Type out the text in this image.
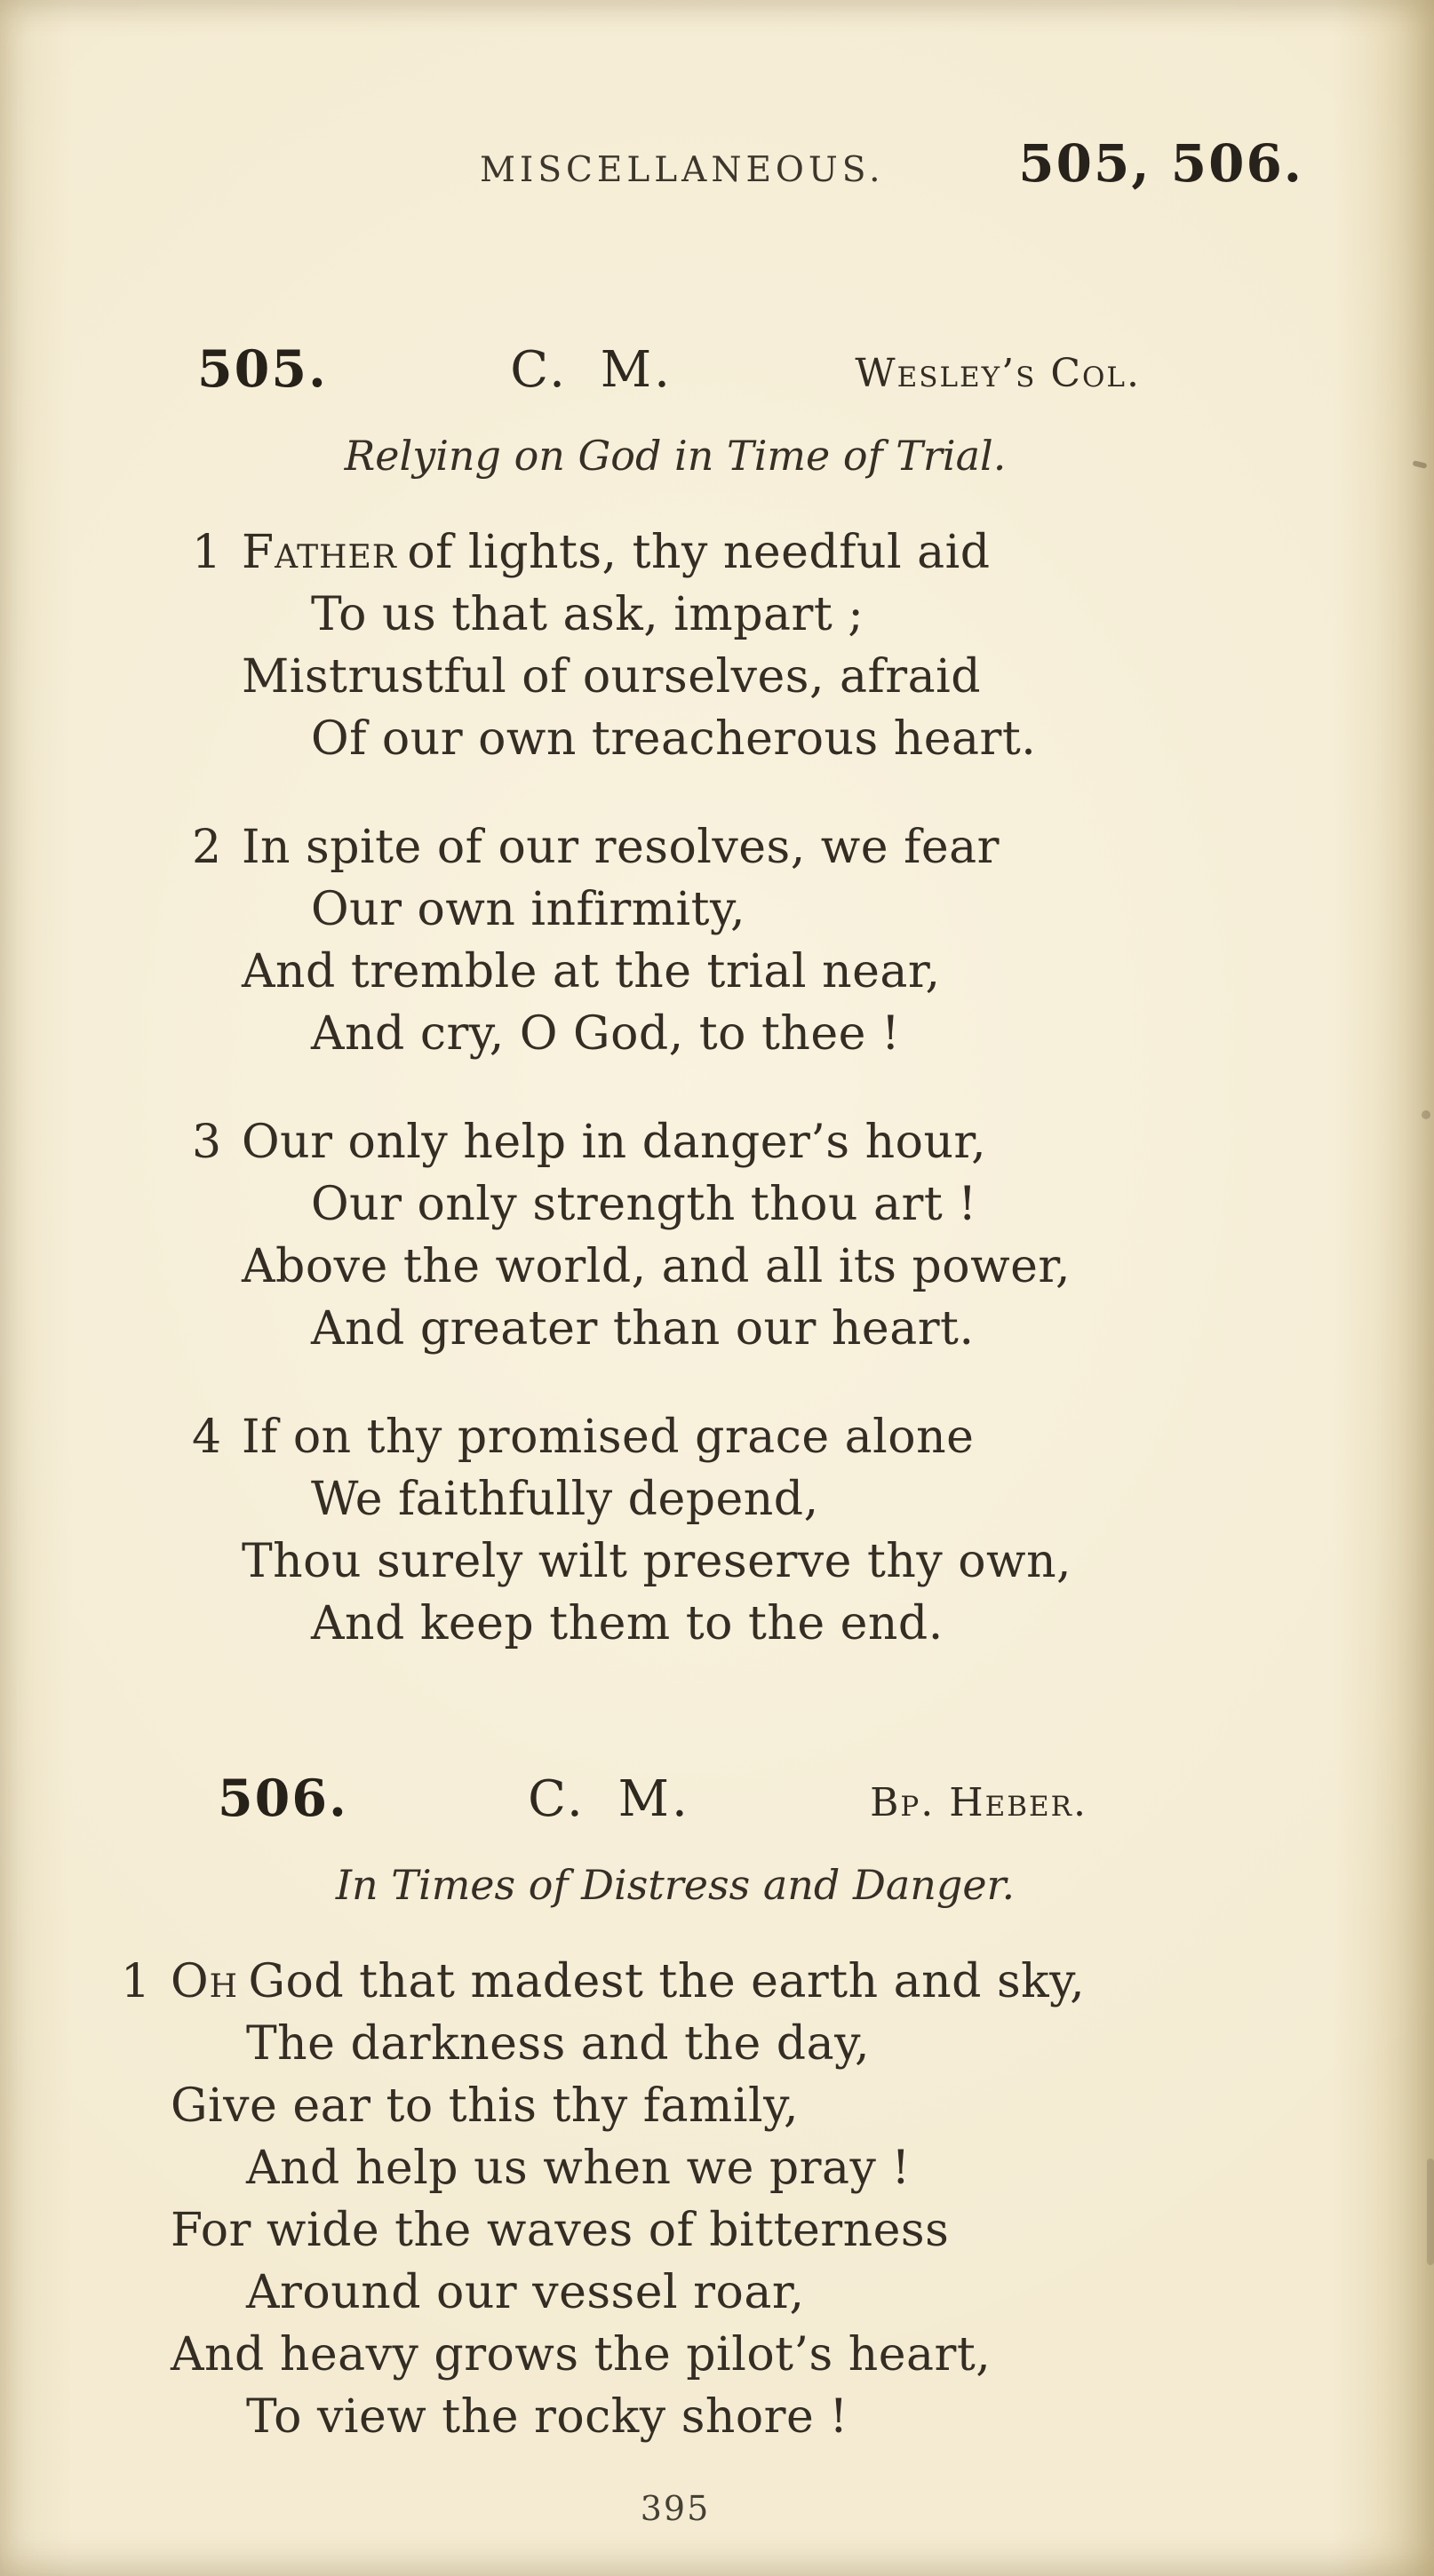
MISCELLANEOUS.	505, 506.
505.	C. M.	Wesley’s Col.
Relying on God in Time of Trial.

1 Father of lights, thy needful aid

To us that ask, impart ;

Mistrustful of ourselves, afraid

Of our own treacherous heart.

2 In spite of our resolves, we fear

Our own infirmity,

And tremble at the trial near,

And cry, O God, to thee !

3 Our only help in danger’s hour,

Our only strength thou art !

Above the world, and all its power,

And greater than our heart.

4 If on thy promised grace alone

We faithfully depend,

Thou surely wilt preserve thy own,

And keep them to the end.

506.	C. M.	Bp. Heber.
In Times of Distress and Danger.

1 Oh God that madest the earth and sky,

The darkness and the day,

Give ear to this thy family,

And help us when we pray !

For wide the waves of bitterness

Around our vessel roar,

And heavy grows the pilot’s heart,

To view the rocky shore !

395
